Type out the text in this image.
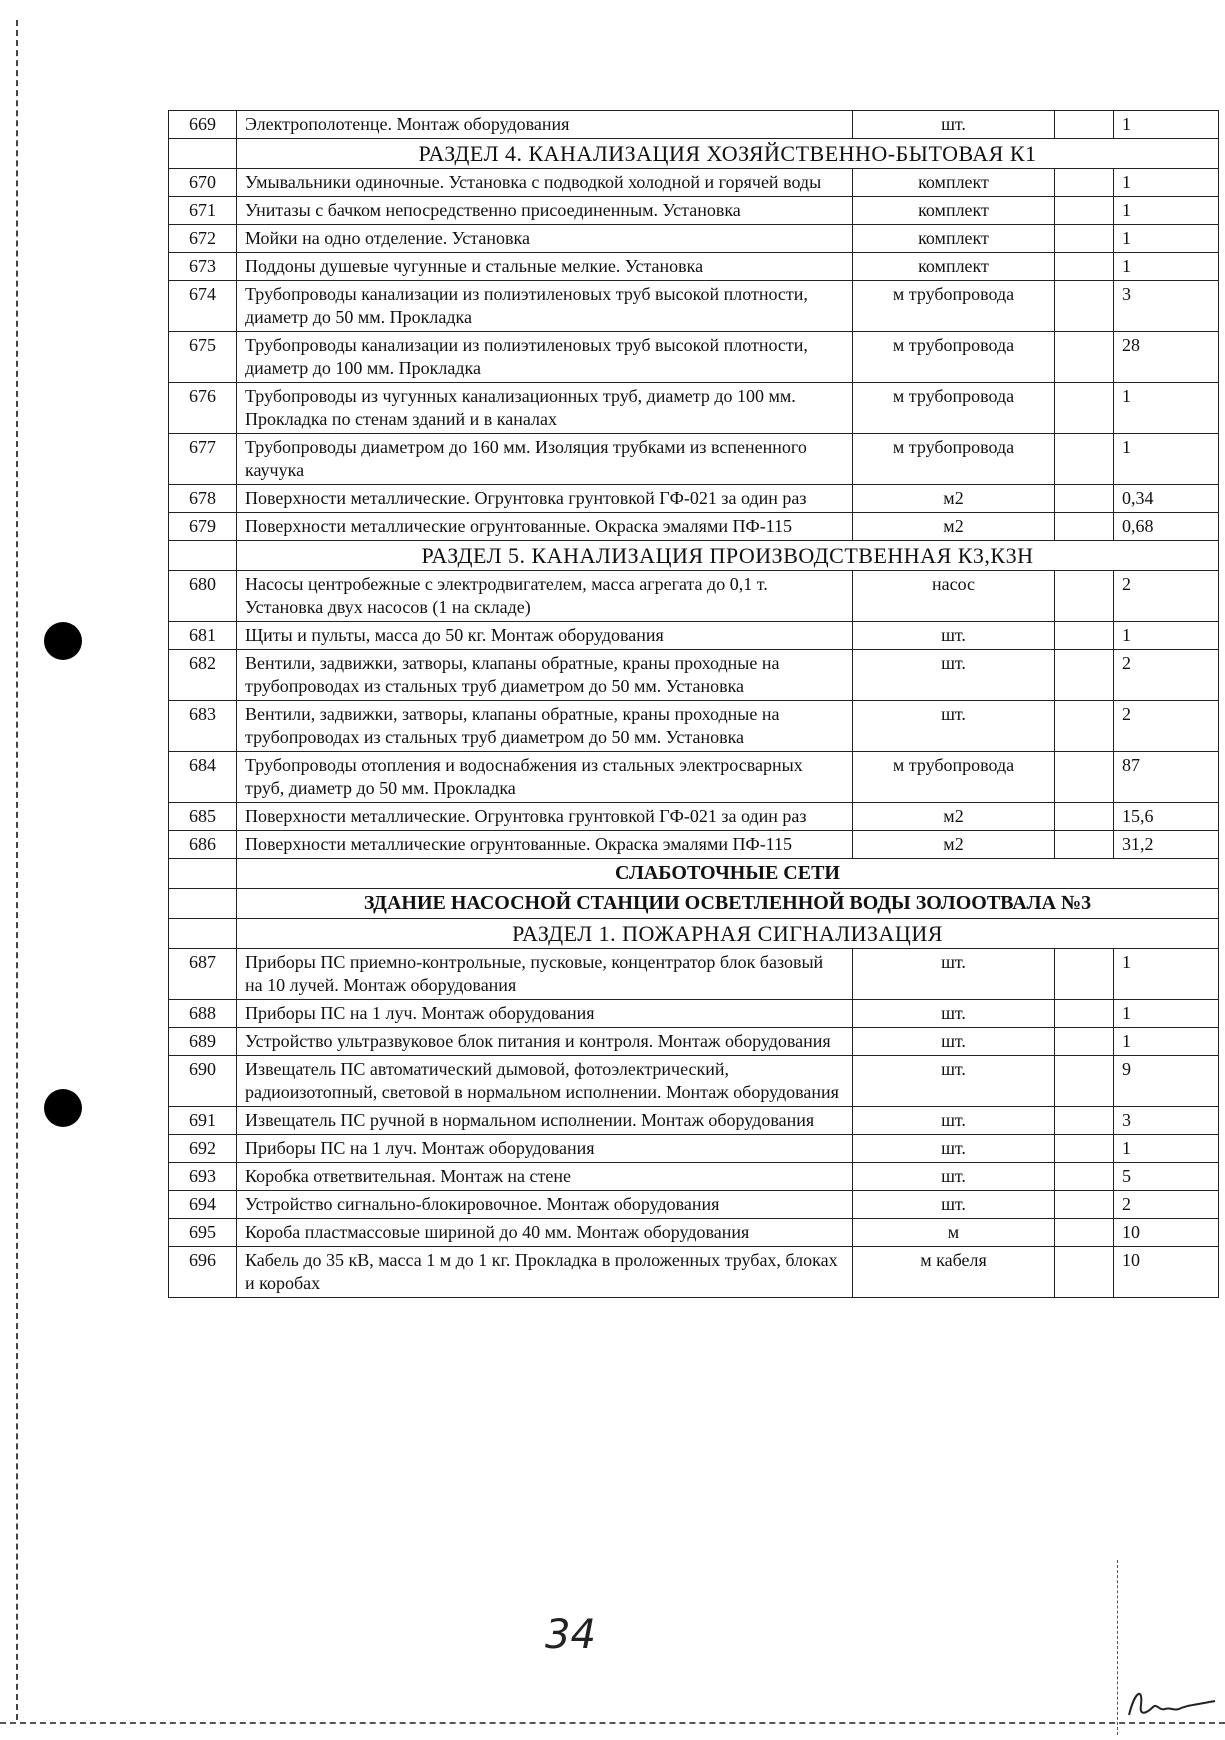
669	Электрополотенце. Монтаж оборудования	шт.		1
	РАЗДЕЛ 4. КАНАЛИЗАЦИЯ ХОЗЯЙСТВЕННО-БЫТОВАЯ К1			
670	Умывальники одиночные. Установка с подводкой холодной и горячей воды	комплект		1
671	Унитазы с бачком непосредственно присоединенным. Установка	комплект		1
672	Мойки на одно отделение. Установка	комплект		1
673	Поддоны душевые чугунные и стальные мелкие. Установка	комплект		1
674	Трубопроводы канализации из полиэтиленовых труб высокой плотности, диаметр до 50 мм. Прокладка	м трубопровода		3
675	Трубопроводы канализации из полиэтиленовых труб высокой плотности, диаметр до 100 мм. Прокладка	м трубопровода		28
676	Трубопроводы из чугунных канализационных труб, диаметр до 100 мм. Прокладка по стенам зданий и в каналах	м трубопровода		1
677	Трубопроводы диаметром до 160 мм. Изоляция трубками из вспененного каучука	м трубопровода		1
678	Поверхности металлические. Огрунтовка грунтовкой ГФ-021 за один раз	м2		0,34
679	Поверхности металлические огрунтованные. Окраска эмалями ПФ-115	м2		0,68
	РАЗДЕЛ 5. КАНАЛИЗАЦИЯ ПРОИЗВОДСТВЕННАЯ К3,К3Н			
680	Насосы центробежные с электродвигателем, масса агрегата до 0,1 т. Установка двух насосов (1 на складе)	насос		2
681	Щиты и пульты, масса до 50 кг. Монтаж оборудования	шт.		1
682	Вентили, задвижки, затворы, клапаны обратные, краны проходные на трубопроводах из стальных труб диаметром до 50 мм. Установка	шт.		2
683	Вентили, задвижки, затворы, клапаны обратные, краны проходные на трубопроводах из стальных труб диаметром до 50 мм. Установка	шт.		2
684	Трубопроводы отопления и водоснабжения из стальных электросварных труб, диаметр до 50 мм. Прокладка	м трубопровода		87
685	Поверхности металлические. Огрунтовка грунтовкой ГФ-021 за один раз	м2		15,6
686	Поверхности металлические огрунтованные. Окраска эмалями ПФ-115	м2		31,2
	СЛАБОТОЧНЫЕ СЕТИ			
	ЗДАНИЕ НАСОСНОЙ СТАНЦИИ ОСВЕТЛЕННОЙ ВОДЫ ЗОЛООТВАЛА №3			
	РАЗДЕЛ 1. ПОЖАРНАЯ СИГНАЛИЗАЦИЯ			
687	Приборы ПС приемно-контрольные, пусковые, концентратор блок базовый на 10 лучей. Монтаж оборудования	шт.		1
688	Приборы ПС на 1 луч. Монтаж оборудования	шт.		1
689	Устройство ультразвуковое блок питания и контроля. Монтаж оборудования	шт.		1
690	Извещатель ПС автоматический дымовой, фотоэлектрический, радиоизотопный, световой в нормальном исполнении. Монтаж оборудования	шт.		9
691	Извещатель ПС ручной в нормальном исполнении. Монтаж оборудования	шт.		3
692	Приборы ПС на 1 луч. Монтаж оборудования	шт.		1
693	Коробка ответвительная. Монтаж на стене	шт.		5
694	Устройство сигнально-блокировочное. Монтаж оборудования	шт.		2
695	Короба пластмассовые шириной до 40 мм. Монтаж оборудования	м		10
696	Кабель до 35 кВ, масса 1 м до 1 кг. Прокладка в проложенных трубах, блоках и коробах	м кабеля		10
34
